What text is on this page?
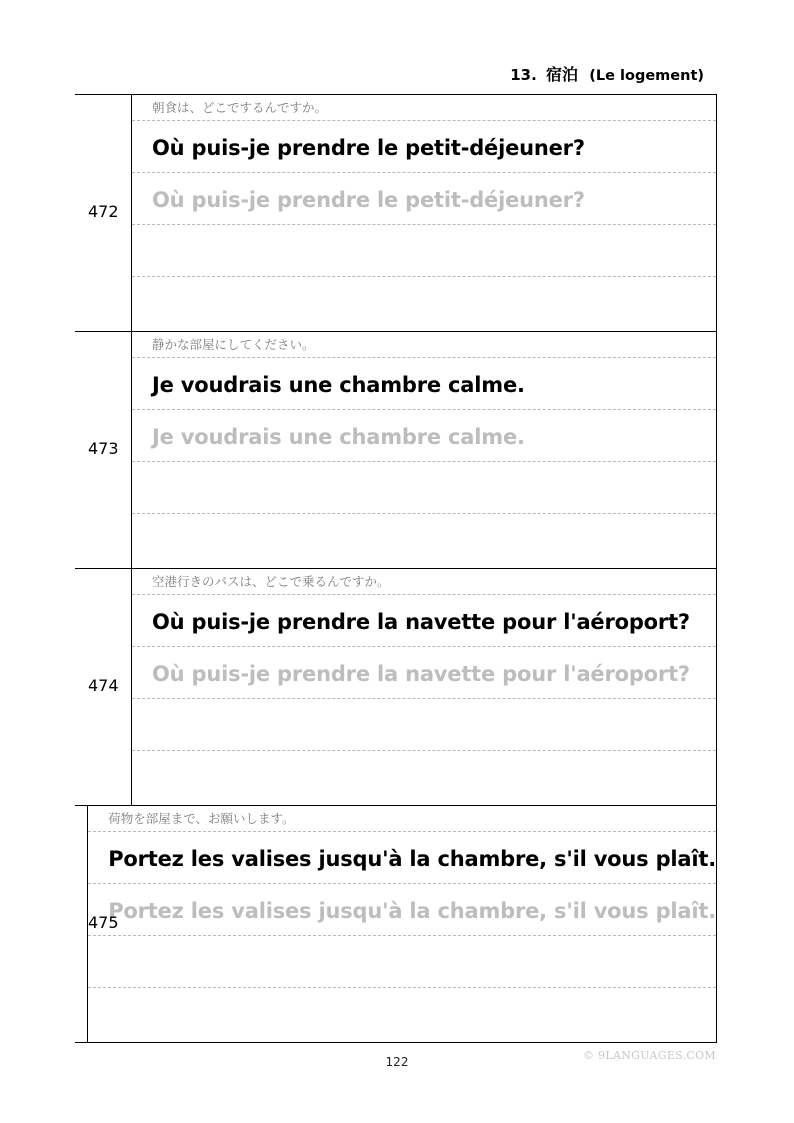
13. 宿泊 (Le logement)
472
朝食は、どこでするんですか。
Où puis-je prendre le petit-déjeuner?
Où puis-je prendre le petit-déjeuner?
473
静かな部屋にしてください。
Je voudrais une chambre calme.
Je voudrais une chambre calme.
474
空港行きのバスは、どこで乗るんですか。
Où puis-je prendre la navette pour l'aéroport?
Où puis-je prendre la navette pour l'aéroport?
475
荷物を部屋まで、お願いします。
Portez les valises jusqu'à la chambre, s'il vous plaît.
Portez les valises jusqu'à la chambre, s'il vous plaît.
122	© 9LANGUAGES.COM
